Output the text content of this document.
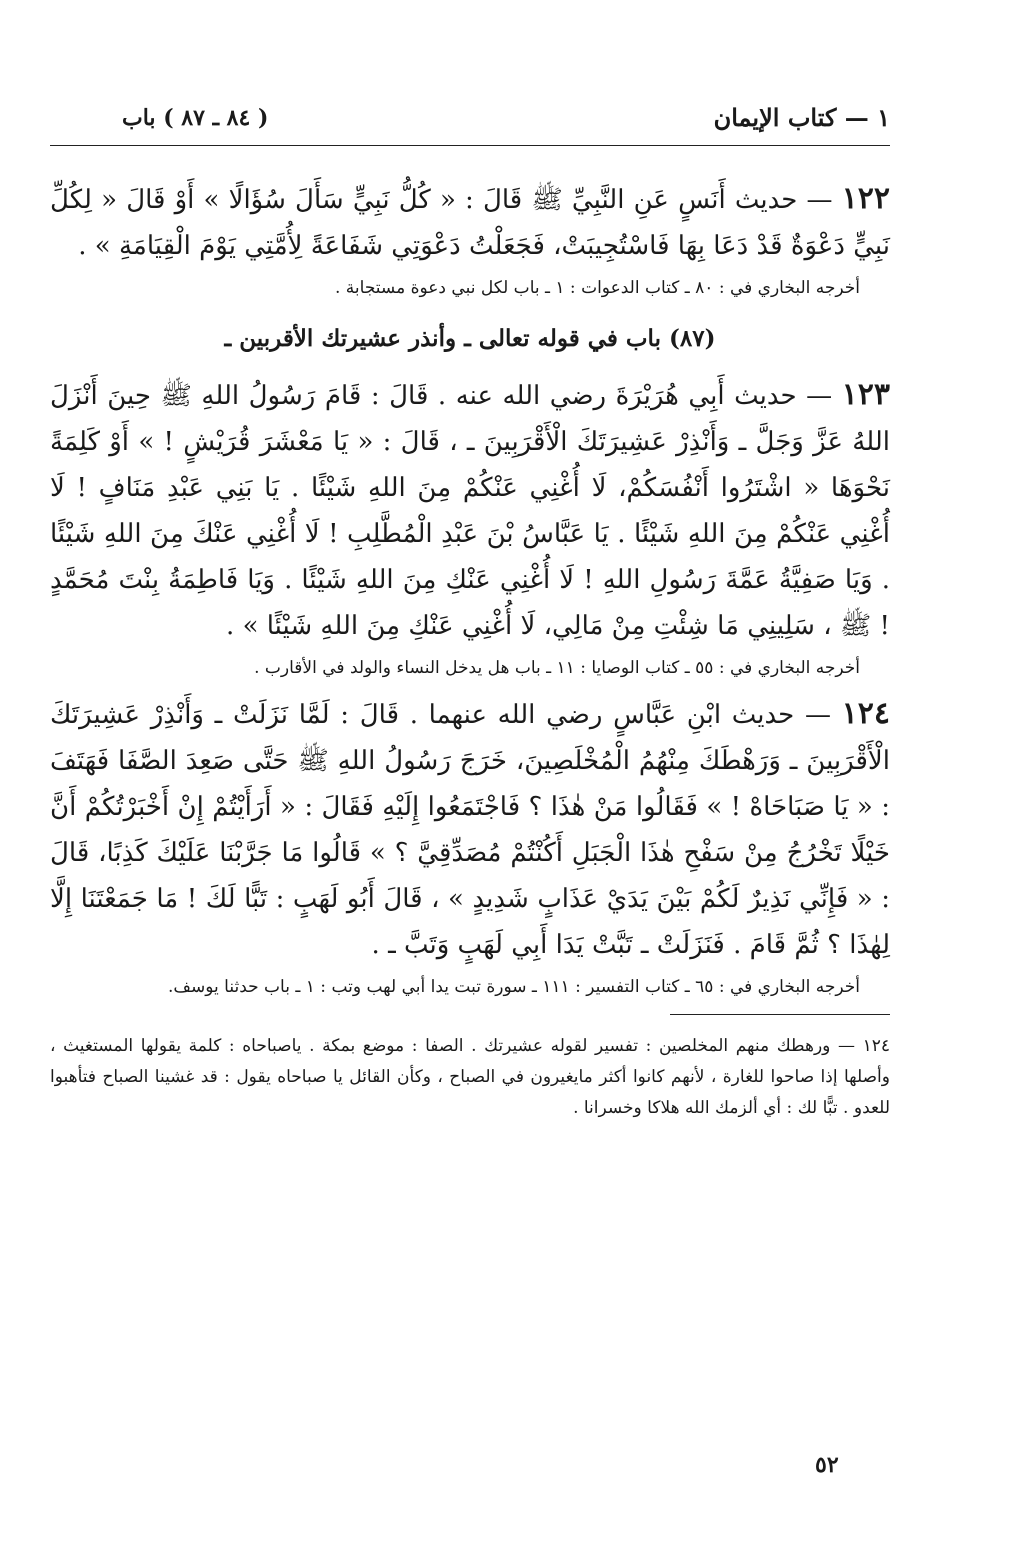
١ — كتاب الإيمان
( ٨٤ ـ ٨٧ ) باب

١٢٢ — حديث أَنَسٍ عَنِ النَّبِيِّ ﷺ قَالَ : « كُلُّ نَبِيٍّ سَأَلَ سُؤَالًا » أَوْ قَالَ « لِكُلِّ نَبِيٍّ دَعْوَةٌ قَدْ دَعَا بِهَا فَاسْتُجِيبَتْ، فَجَعَلْتُ دَعْوَتِي شَفَاعَةً لِأُمَّتِي يَوْمَ الْقِيَامَةِ » .

أخرجه البخاري في : ٨٠ ـ كتاب الدعوات : ١ ـ باب لكل نبي دعوة مستجابة .

(٨٧) باب في قوله تعالى ـ وأنذر عشيرتك الأقربين ـ

١٢٣ — حديث أَبِي هُرَيْرَةَ رضي الله عنه . قَالَ : قَامَ رَسُولُ اللهِ ﷺ حِينَ أَنْزَلَ اللهُ عَزَّ وَجَلَّ ـ وَأَنْذِرْ عَشِيرَتَكَ الْأَقْرَبِينَ ـ ، قَالَ : « يَا مَعْشَرَ قُرَيْشٍ ! » أَوْ كَلِمَةً نَحْوَهَا « اشْتَرُوا أَنْفُسَكُمْ، لَا أُغْنِي عَنْكُمْ مِنَ اللهِ شَيْئًا . يَا بَنِي عَبْدِ مَنَافٍ ! لَا أُغْنِي عَنْكُمْ مِنَ اللهِ شَيْئًا . يَا عَبَّاسُ بْنَ عَبْدِ الْمُطَّلِبِ ! لَا أُغْنِي عَنْكَ مِنَ اللهِ شَيْئًا . وَيَا صَفِيَّةُ عَمَّةَ رَسُولِ اللهِ ! لَا أُغْنِي عَنْكِ مِنَ اللهِ شَيْئًا . وَيَا فَاطِمَةُ بِنْتَ مُحَمَّدٍ ! ﷺ ، سَلِينِي مَا شِئْتِ مِنْ مَالِي، لَا أُغْنِي عَنْكِ مِنَ اللهِ شَيْئًا » .

أخرجه البخاري في : ٥٥ ـ كتاب الوصايا : ١١ ـ باب هل يدخل النساء والولد في الأقارب .

١٢٤ — حديث ابْنِ عَبَّاسٍ رضي الله عنهما . قَالَ : لَمَّا نَزَلَتْ ـ وَأَنْذِرْ عَشِيرَتَكَ الْأَقْرَبِينَ ـ وَرَهْطَكَ مِنْهُمُ الْمُخْلَصِينَ، خَرَجَ رَسُولُ اللهِ ﷺ حَتَّى صَعِدَ الصَّفَا فَهَتَفَ : « يَا صَبَاحَاهْ ! » فَقَالُوا مَنْ هٰذَا ؟ فَاجْتَمَعُوا إِلَيْهِ فَقَالَ : « أَرَأَيْتُمْ إِنْ أَخْبَرْتُكُمْ أَنَّ خَيْلًا تَخْرُجُ مِنْ سَفْحِ هٰذَا الْجَبَلِ أَكُنْتُمْ مُصَدِّقِيَّ ؟ » قَالُوا مَا جَرَّبْنَا عَلَيْكَ كَذِبًا، قَالَ : « فَإِنِّي نَذِيرٌ لَكُمْ بَيْنَ يَدَيْ عَذَابٍ شَدِيدٍ » ، قَالَ أَبُو لَهَبٍ : تَبًّا لَكَ ! مَا جَمَعْتَنَا إِلَّا لِهٰذَا ؟ ثُمَّ قَامَ . فَنَزَلَتْ ـ تَبَّتْ يَدَا أَبِي لَهَبٍ وَتَبَّ ـ .

أخرجه البخاري في : ٦٥ ـ كتاب التفسير : ١١١ ـ سورة تبت يدا أبي لهب وتب : ١ ـ باب حدثنا يوسف.

١٢٤ — ورهطك منهم المخلصين : تفسير لقوله عشيرتك . الصفا : موضع بمكة . ياصباحاه : كلمة يقولها المستغيث ، وأصلها إذا صاحوا للغارة ، لأنهم كانوا أكثر مايغيرون في الصباح ، وكأن القائل يا صباحاه يقول : قد غشينا الصباح فتأهبوا للعدو . تبًّا لك : أي ألزمك الله هلاكا وخسرانا .

٥٢
